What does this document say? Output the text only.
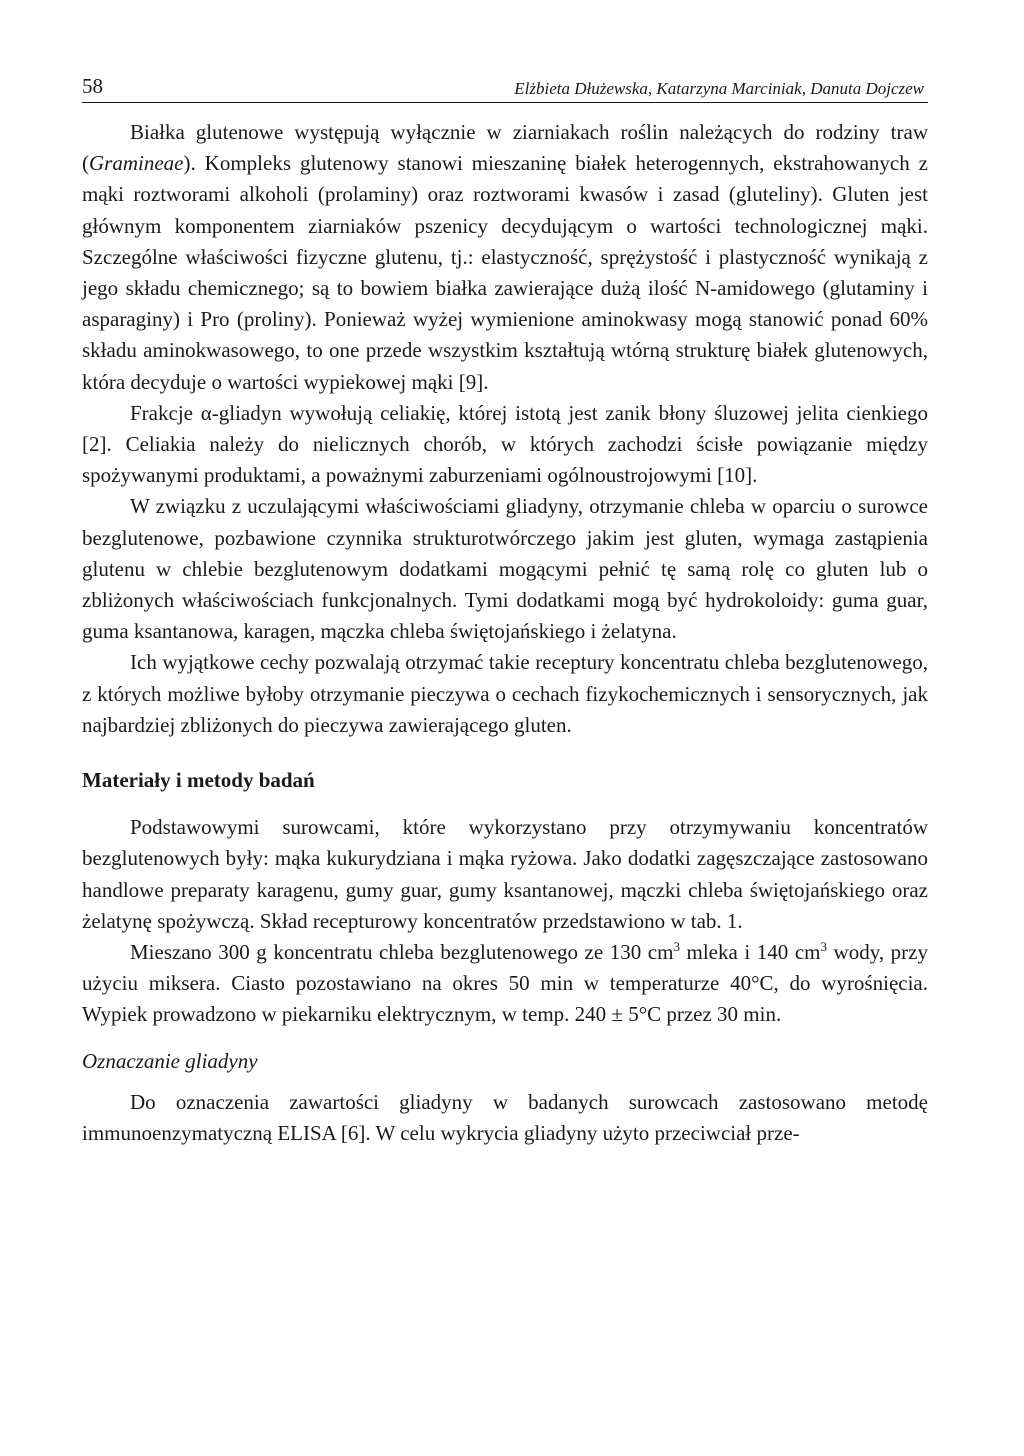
58	Elżbieta Dłużewska, Katarzyna Marciniak, Danuta Dojczew

Białka glutenowe występują wyłącznie w ziarniakach roślin należących do rodziny traw (Gramineae). Kompleks glutenowy stanowi mieszaninę białek heterogennych, ekstrahowanych z mąki roztworami alkoholi (prolaminy) oraz roztworami kwasów i zasad (gluteliny). Gluten jest głównym komponentem ziarniaków pszenicy decydującym o wartości technologicznej mąki. Szczególne właściwości fizyczne glutenu, tj.: elastyczność, sprężystość i plastyczność wynikają z jego składu chemicznego; są to bowiem białka zawierające dużą ilość N-amidowego (glutaminy i asparaginy) i Pro (proliny). Ponieważ wyżej wymienione aminokwasy mogą stanowić ponad 60% składu aminokwasowego, to one przede wszystkim kształtują wtórną strukturę białek glutenowych, która decyduje o wartości wypiekowej mąki [9].

Frakcje α-gliadyn wywołują celiakię, której istotą jest zanik błony śluzowej jelita cienkiego [2]. Celiakia należy do nielicznych chorób, w których zachodzi ścisłe powiązanie między spożywanymi produktami, a poważnymi zaburzeniami ogólnoustrojowymi [10].

W związku z uczulającymi właściwościami gliadyny, otrzymanie chleba w oparciu o surowce bezglutenowe, pozbawione czynnika strukturotwórczego jakim jest gluten, wymaga zastąpienia glutenu w chlebie bezglutenowym dodatkami mogącymi pełnić tę samą rolę co gluten lub o zbliżonych właściwościach funkcjonalnych. Tymi dodatkami mogą być hydrokoloidy: guma guar, guma ksantanowa, karagen, mączka chleba świętojańskiego i żelatyna.

Ich wyjątkowe cechy pozwalają otrzymać takie receptury koncentratu chleba bezglutenowego, z których możliwe byłoby otrzymanie pieczywa o cechach fizykochemicznych i sensorycznych, jak najbardziej zbliżonych do pieczywa zawierającego gluten.

Materiały i metody badań

Podstawowymi surowcami, które wykorzystano przy otrzymywaniu koncentratów bezglutenowych były: mąka kukurydziana i mąka ryżowa. Jako dodatki zagęszczające zastosowano handlowe preparaty karagenu, gumy guar, gumy ksantanowej, mączki chleba świętojańskiego oraz żelatynę spożywczą. Skład recepturowy koncentratów przedstawiono w tab. 1.

Mieszano 300 g koncentratu chleba bezglutenowego ze 130 $cm^3$ mleka i 140 $cm^3$ wody, przy użyciu miksera. Ciasto pozostawiano na okres 50 min w temperaturze 40°C, do wyrośnięcia. Wypiek prowadzono w piekarniku elektrycznym, w temp. 240 ± 5°C przez 30 min.

Oznaczanie gliadyny

Do oznaczenia zawartości gliadyny w badanych surowcach zastosowano metodę immunoenzymatyczną ELISA [6]. W celu wykrycia gliadyny użyto przeciwciał prze-
